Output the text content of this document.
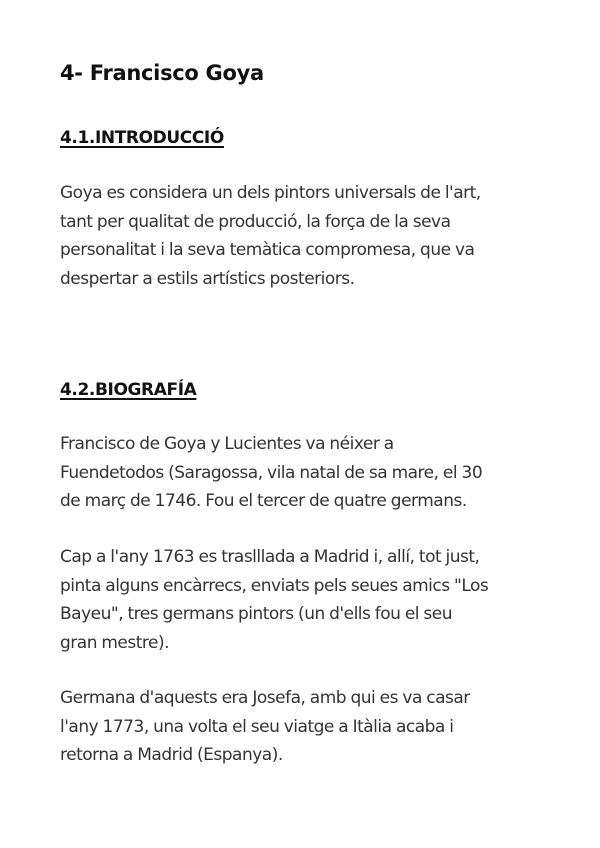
4- Francisco Goya
4.1.INTRODUCCIÓ

Goya es considera un dels pintors universals de l'art,
tant per qualitat de producció, la força de la seva
personalitat i la seva temàtica compromesa, que va
despertar a estils artístics posteriors.

4.2.BIOGRAFÍA

Francisco de Goya y Lucientes va néixer a
Fuendetodos (Saragossa, vila natal de sa mare, el 30
de març de 1746. Fou el tercer de quatre germans.

Cap a l'any 1763 es traslllada a Madrid i, allí, tot just,
pinta alguns encàrrecs, enviats pels seues amics "Los
Bayeu", tres germans pintors (un d'ells fou el seu
gran mestre).

Germana d'aquests era Josefa, amb qui es va casar
l'any 1773, una volta el seu viatge a Itàlia acaba i
retorna a Madrid (Espanya).
